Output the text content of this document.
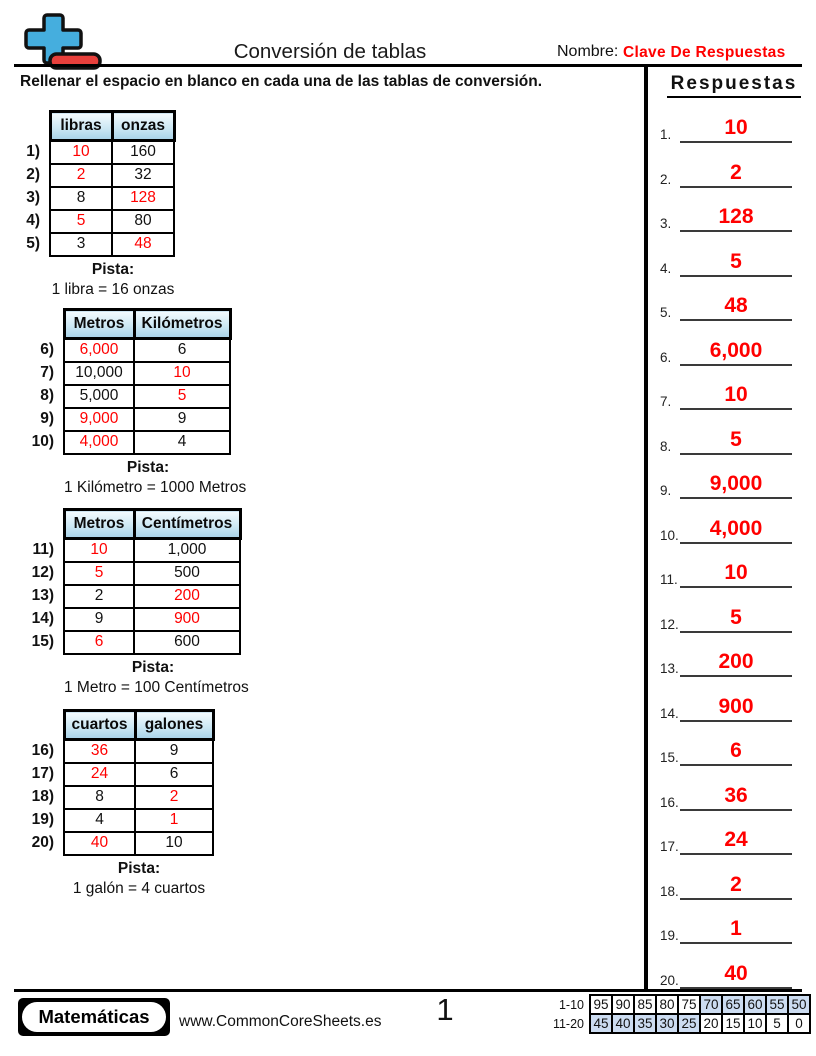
Conversión de tablas	Nombre: Clave De Respuestas
Rellenar el espacio en blanco en cada una de las tablas de conversión.
	libras	onzas
1)	10	160
2)	2	32
3)	8	128
4)	5	80
5)	3	48
Pista:
1 libra = 16 onzas
	Metros	Kilómetros
6)	6,000	6
7)	10,000	10
8)	5,000	5
9)	9,000	9
10)	4,000	4
Pista:
1 Kilómetro = 1000 Metros
	Metros	Centímetros
11)	10	1,000
12)	5	500
13)	2	200
14)	9	900
15)	6	600
Pista:
1 Metro = 100 Centímetros
	cuartos	galones
16)	36	9
17)	24	6
18)	8	2
19)	4	1
20)	40	10
Pista:
1 galón = 4 cuartos
Respuestas
1.	10
2.	2
3.	128
4.	5
5.	48
6.	6,000
7.	10
8.	5
9.	9,000
10.	4,000
11.	10
12.	5
13.	200
14.	900
15.	6
16.	36
17.	24
18.	2
19.	1
20.	40
Matemáticas	www.CommonCoreSheets.es	1	1-10	95	90	85	80	75	70	65	60	55	50
11-20	45	40	35	30	25	20	15	10	5	0
